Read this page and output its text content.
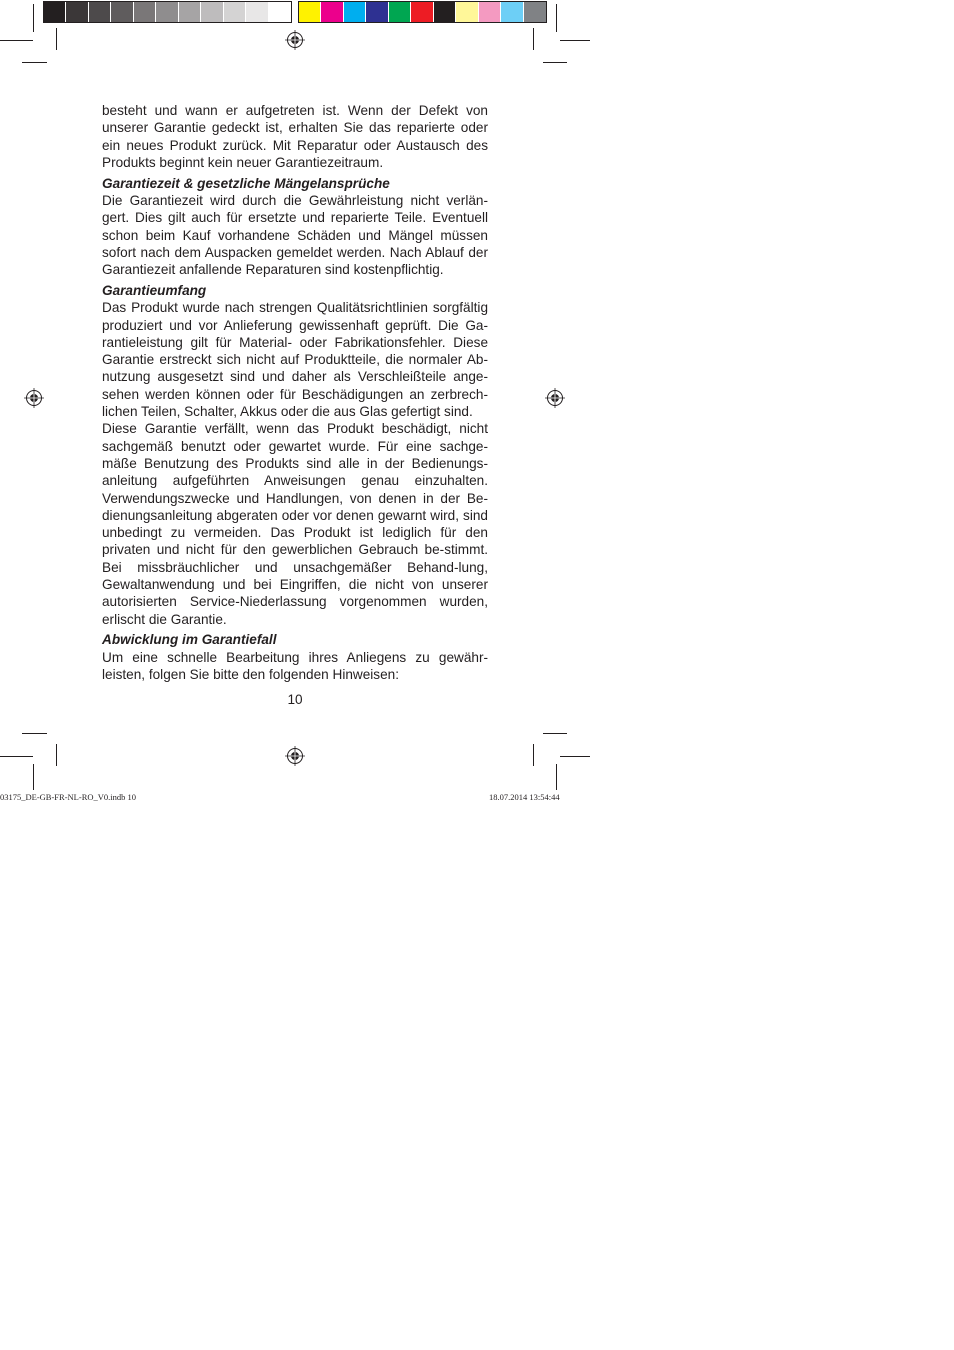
besteht und wann er aufgetreten ist. Wenn der Defekt von unserer Garantie gedeckt ist, erhalten Sie das reparierte oder ein neues Produkt zurück. Mit Reparatur oder Austausch des Produkts beginnt kein neuer Garantiezeitraum.

Garantiezeit & gesetzliche Mängelansprüche

Die Garantiezeit wird durch die Gewährleistung nicht verlän-gert. Dies gilt auch für ersetzte und reparierte Teile. Eventuell schon beim Kauf vorhandene Schäden und Mängel müssen sofort nach dem Auspacken gemeldet werden. Nach Ablauf der Garantiezeit anfallende Reparaturen sind kostenpflichtig.

Garantieumfang

Das Produkt wurde nach strengen Qualitätsrichtlinien sorgfältig produziert und vor Anlieferung gewissenhaft geprüft. Die Ga-rantieleistung gilt für Material- oder Fabrikationsfehler. Diese Garantie erstreckt sich nicht auf Produktteile, die normaler Ab-nutzung ausgesetzt sind und daher als Verschleißteile ange-sehen werden können oder für Beschädigungen an zerbrech-lichen Teilen, Schalter, Akkus oder die aus Glas gefertigt sind.

Diese Garantie verfällt, wenn das Produkt beschädigt, nicht sachgemäß benutzt oder gewartet wurde. Für eine sachge-mäße Benutzung des Produkts sind alle in der Bedienungs-anleitung aufgeführten Anweisungen genau einzuhalten. Verwendungszwecke und Handlungen, von denen in der Be-dienungsanleitung abgeraten oder vor denen gewarnt wird, sind unbedingt zu vermeiden. Das Produkt ist lediglich für den privaten und nicht für den gewerblichen Gebrauch be-stimmt. Bei missbräuchlicher und unsachgemäßer Behand-lung, Gewaltanwendung und bei Eingriffen, die nicht von unserer autorisierten Service-Niederlassung vorgenommen wurden, erlischt die Garantie.

Abwicklung im Garantiefall

Um eine schnelle Bearbeitung ihres Anliegens zu gewähr-leisten, folgen Sie bitte den folgenden Hinweisen:

10
03175_DE-GB-FR-NL-RO_V0.indb 10	18.07.2014 13:54:44
